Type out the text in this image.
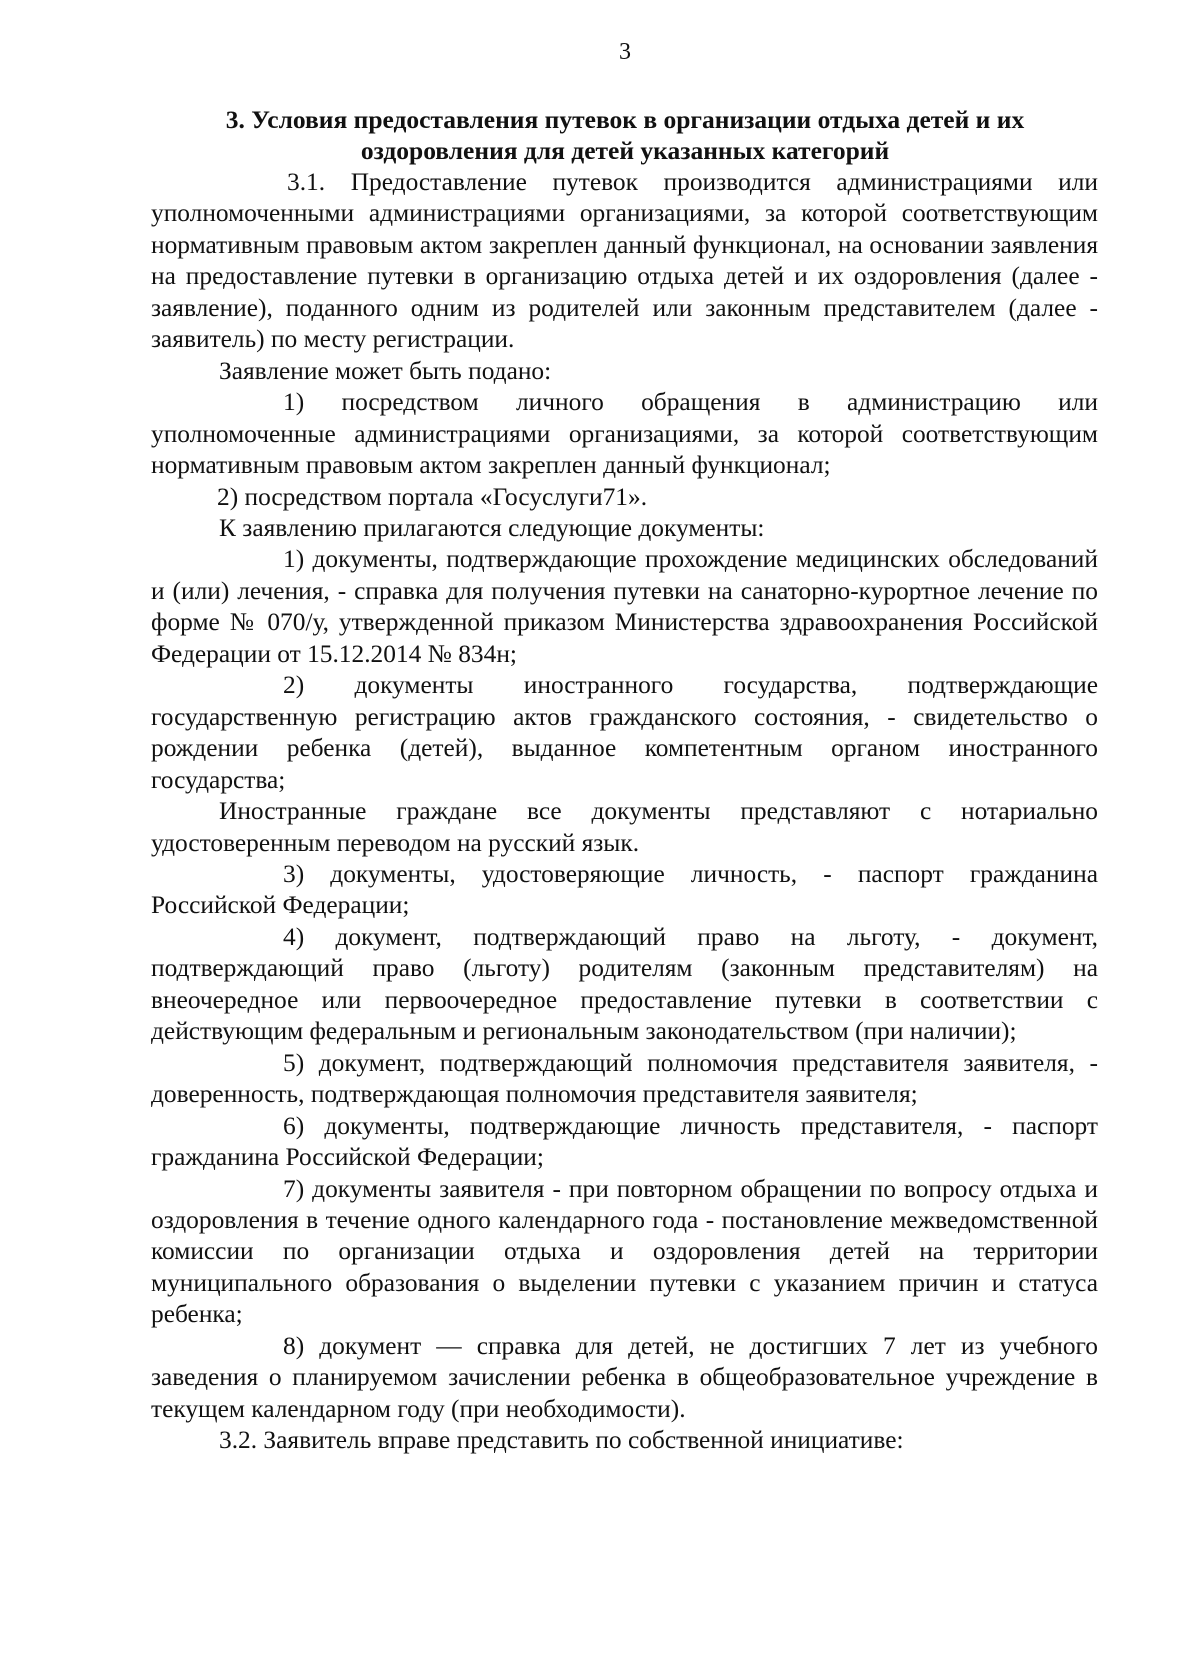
3
3. Условия предоставления путевок в организации отдыха детей и их
оздоровления для детей указанных категорий

3.1. Предоставление путевок производится администрациями или уполномоченными администрациями организациями, за которой соответствующим нормативным правовым актом закреплен данный функционал, на основании заявления на предоставление путевки в организацию отдыха детей и их оздоровления (далее - заявление), поданного одним из родителей или законным представителем (далее - заявитель) по месту регистрации.

Заявление может быть подано:

1) посредством личного обращения в администрацию или уполномоченные администрациями организациями, за которой соответствующим нормативным правовым актом закреплен данный функционал;

2) посредством портала «Госуслуги71».

К заявлению прилагаются следующие документы:

1) документы, подтверждающие прохождение медицинских обследований и (или) лечения, - справка для получения путевки на санаторно-курортное лечение по форме № 070/у, утвержденной приказом Министерства здравоохранения Российской Федерации от 15.12.2014 № 834н;

2) документы иностранного государства, подтверждающие государственную регистрацию актов гражданского состояния, - свидетельство о рождении ребенка (детей), выданное компетентным органом иностранного государства;

Иностранные граждане все документы представляют с нотариально удостоверенным переводом на русский язык.

3) документы, удостоверяющие личность, - паспорт гражданина Российской Федерации;

4) документ, подтверждающий право на льготу, - документ, подтверждающий право (льготу) родителям (законным представителям) на внеочередное или первоочередное предоставление путевки в соответствии с действующим федеральным и региональным законодательством (при наличии);

5) документ, подтверждающий полномочия представителя заявителя, - доверенность, подтверждающая полномочия представителя заявителя;

6) документы, подтверждающие личность представителя, - паспорт гражданина Российской Федерации;

7) документы заявителя - при повторном обращении по вопросу отдыха и оздоровления в течение одного календарного года - постановление межведомственной комиссии по организации отдыха и оздоровления детей на территории муниципального образования о выделении путевки с указанием причин и статуса ребенка;

8) документ — справка для детей, не достигших 7 лет из учебного заведения о планируемом зачислении ребенка в общеобразовательное учреждение в текущем календарном году (при необходимости).

3.2. Заявитель вправе представить по собственной инициативе:
